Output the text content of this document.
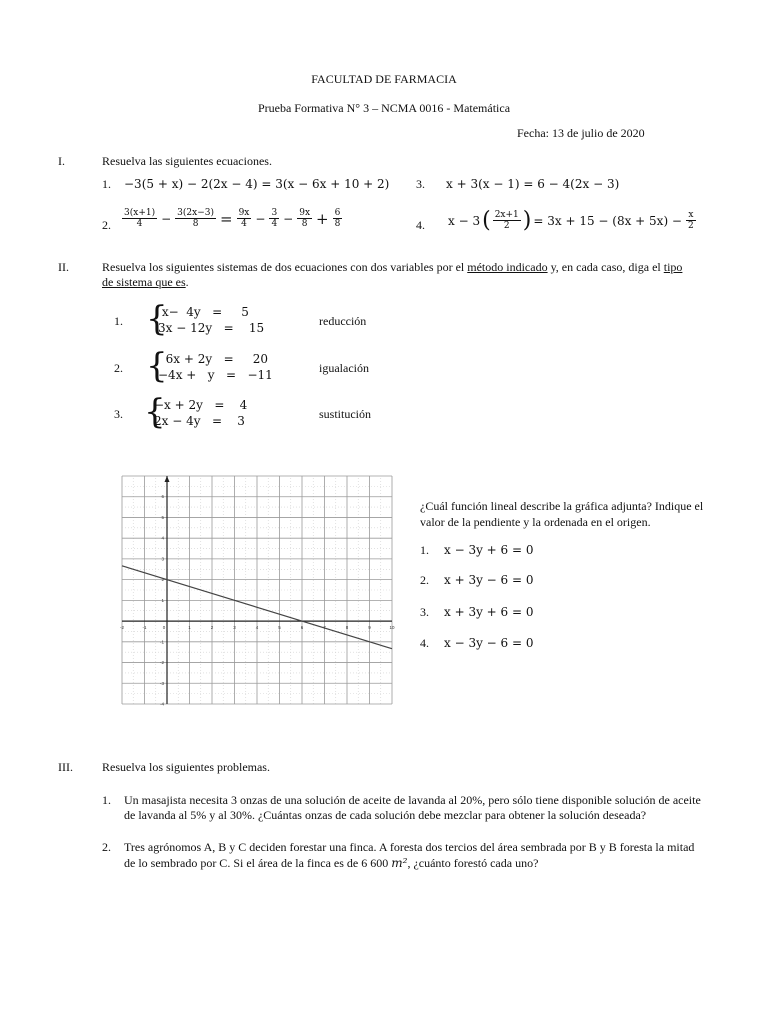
FACULTAD DE FARMACIA
Prueba Formativa N° 3 – NCMA 0016 - Matemática
Fecha: 13 de julio de 2020
I.	Resuelva las siguientes ecuaciones.
1. −3(5 + x) − 2(2x − 4) = 3(x − 6x + 10 + 2) 3. x + 3(x − 1) = 6 − 4(2x − 3)
2. $\frac{3(x+1)}{4} - \frac{3(2x-3)}{8} = \frac{9x}{4} - \frac{3}{4} - \frac{9x}{8} + \frac{6}{8}$	4. $x - 3( \frac{2x+1}{2}$ ) = $3x + 15 - (8x + 5x) - \frac{x}{2}$
II.	Resuelva los siguientes sistemas de dos ecuaciones con dos variables por el método indicado y, en cada caso, diga el tipo
de sistema que es.
1. {
x−  4y   =     5
3x − 12y   =    15	reducción
2. {
6x + 2y   =     20
−4x +   y   =   −11	igualación
3. {
−x + 2y   =    4
2x − 4y   =    3	sustitución
-2	-1	0	1	2	3	4	5	6	7	8	9	10
6
5
4
3
2
1
-1
-2
-3
-4
¿Cuál función lineal describe la gráfica adjunta? Indique el valor de la pendiente y la ordenada en el origen.
1. x − 3y + 6 = 0
2. x + 3y − 6 = 0
3. x + 3y + 6 = 0
4. x − 3y − 6 = 0
III. Resuelva los siguientes problemas.
1. Un masajista necesita 3 onzas de una solución de aceite de lavanda al 20%, pero sólo tiene disponible solución de aceite
de lavanda al 5% y al 30%. ¿Cuántas onzas de cada solución debe mezclar para obtener la solución deseada?
2. Tres agrónomos A, B y C deciden forestar una finca. A foresta dos tercios del área sembrada por B y B foresta la mitad
de lo sembrado por C. Si el área de la finca es de 6 600 m², ¿cuánto forestó cada uno?
